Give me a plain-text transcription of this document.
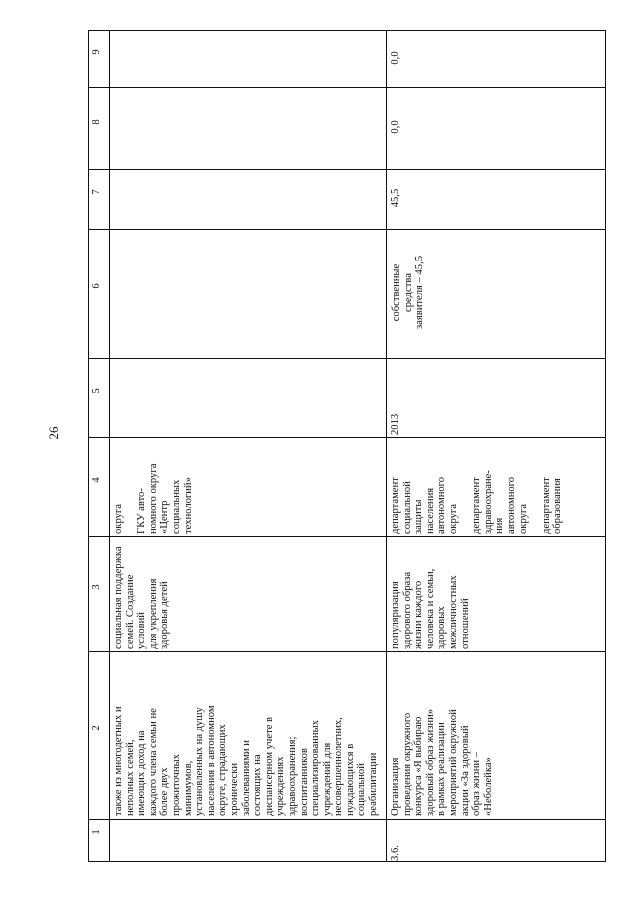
26
9
8
7
6
5
4
3
2
1
также из многодетных и неполных семей, имеющих доход на каждого члена семьи не более двух прожиточных минимумов, установленных на душу населения в автономном округе, страдающих хронически заболеваниями и состоящих на диспансерном учете в учреждениях здравоохранения; воспитанников специализированных учреждений для несовершеннолетних, нуждающихся в социальной реабилитации
социальная поддержка семей. Создание условий для укрепления здоровья детей
округа
ГКУ авто- номного округа «Центр социальных технологий»
3.6.
Организация проведения окружного конкурса «Я выбираю здоровый образ жизни» в рамках реализации мероприятий окружной акции «За здоровый образ жизни – «Неболейка»
популяризация здорового образа жизни каждого человека и семьи, здоровых межличностных отношений
департамент социальной защиты населения автономного округа
департамент здравоохране- ния автономного округа
департамент образования
2013
собственные средства заявителя – 45,5
45,5
0,0
0,0
